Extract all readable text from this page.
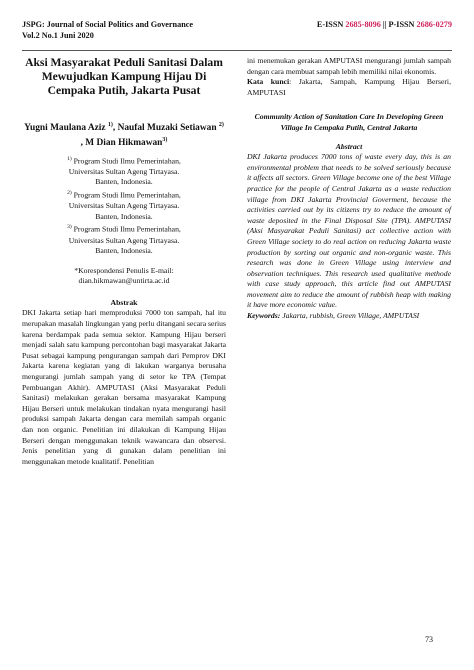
JSPG: Journal of Social Politics and Governance	E-ISSN 2685-8096 || P-ISSN 2686-0279
Vol.2 No.1 Juni 2020

Aksi Masyarakat Peduli Sanitasi Dalam Mewujudkan Kampung Hijau Di Cempaka Putih, Jakarta Pusat

Yugni Maulana Aziz $^{1)}$, Naufal Muzaki Setiawan $^{2)}$ , M Dian Hikmawan$^{3)}$

$^{1)}$ Program Studi Ilmu Pemerintahan,

Universitas Sultan Ageng Tirtayasa.

Banten, Indonesia.

$^{2)}$ Program Studi Ilmu Pemerintahan,

Universitas Sultan Ageng Tirtayasa.

Banten, Indonesia.

$^{3)}$ Program Studi Ilmu Pemerintahan,

Universitas Sultan Ageng Tirtayasa.

Banten, Indonesia.

*Korespondensi Penulis E-mail:

dian.hikmawan@untirta.ac.id

Abstrak

DKI Jakarta setiap hari memproduksi 7000 ton sampah, hal itu merupakan masalah lingkungan yang perlu ditangani secara serius karena berdampak pada semua sektor. Kampung Hijau berseri menjadi salah satu kampung percontohan bagi masyarakat Jakarta Pusat sebagai kampung pengurangan sampah dari Pemprov DKI Jakarta karena kegiatan yang di lakukan warganya berusaha mengurangi jumlah sampah yang di setor ke TPA (Tempat Pembuangan Akhir). AMPUTASI (Aksi Masyarakat Peduli Sanitasi) melakukan gerakan bersama masyarakat Kampung Hijau Berseri untuk melakukan tindakan nyata mengurangi hasil produksi sampah Jakarta dengan cara memilah sampah organic dan non organic. Penelitian ini dilakukan di Kampung Hijau Berseri dengan menggunakan teknik wawancara dan observsi. Jenis penelitian yang di gunakan dalam penelitian ini menggunakan metode kualitatif. Penelitian

ini menemukan gerakan AMPUTASI mengurangi jumlah sampah dengan cara membuat sampah lebih memiliki nilai ekonomis.

Kata kunci: Jakarta, Sampah, Kampung Hijau Berseri, AMPUTASI

Community Action of Sanitation Care In Developing Green Village In Cempaka Putih, Central Jakarta
Abstract

DKI Jakarta produces 7000 tons of waste every day, this is an environmental problem that needs to be solved seriously because it affects all sectors. Green Village become one of the best Village practice for the people of Central Jakarta as a waste reduction village from DKI Jakarta Provincial Goverment, because the activities carried out by its citizens try to reduce the amount of waste deposited in the Final Disposal Site (TPA). AMPUTASI (Aksi Masyarakat Peduli Sanitasi) act collective action with Green Village society to do real action on reducing Jakarta waste production by sorting out organic and non-organic waste. This research was done in Green Village using interview and observation techniques. This research used qualitative methode with case study approach, this article find out AMPUTASI movement aim to reduce the amount of rubbish heap with making it have more economic value.

Keywords: Jakarta, rubbish, Green Village, AMPUTASI

73
